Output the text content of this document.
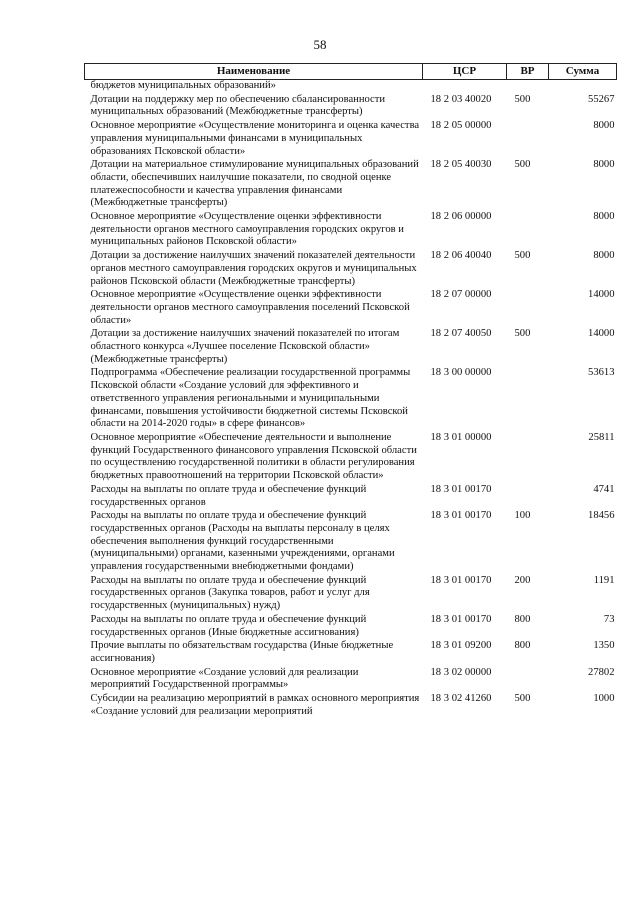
58
Наименование	ЦСР	ВР	Сумма
бюджетов муниципальных образований»			
Дотации на поддержку мер по обеспечению сбалансированности муниципальных образований (Межбюджетные трансферты)	18 2 03 40020	500	55267
Основное мероприятие «Осуществление мониторинга и оценка качества управления муниципальными финансами в муниципальных образованиях Псковской области»	18 2 05 00000		8000
Дотации на материальное стимулирование муниципальных образований области, обеспечивших наилучшие показатели, по сводной оценке платежеспособности и качества управления финансами (Межбюджетные трансферты)	18 2 05 40030	500	8000
Основное мероприятие «Осуществление оценки эффективности деятельности органов местного самоуправления городских округов и муниципальных районов Псковской области»	18 2 06 00000		8000
Дотации за достижение наилучших значений показателей деятельности органов местного самоуправления городских округов и муниципальных районов Псковской области (Межбюджетные трансферты)	18 2 06 40040	500	8000
Основное мероприятие «Осуществление оценки эффективности деятельности органов местного самоуправления поселений Псковской области»	18 2 07 00000		14000
Дотации за достижение наилучших значений показателей по итогам областного конкурса «Лучшее поселение Псковской области» (Межбюджетные трансферты)	18 2 07 40050	500	14000
Подпрограмма «Обеспечение реализации государственной программы Псковской области «Создание условий для эффективного и ответственного управления региональными и муниципальными финансами, повышения устойчивости бюджетной системы Псковской области на 2014-2020 годы» в сфере финансов»	18 3 00 00000		53613
Основное мероприятие «Обеспечение деятельности и выполнение функций Государственного финансового управления Псковской области по осуществлению государственной политики в области регулирования бюджетных правоотношений на территории Псковской области»	18 3 01 00000		25811
Расходы на выплаты по оплате труда и обеспечение функций государственных органов	18 3 01 00170		4741
Расходы на выплаты по оплате труда и обеспечение функций государственных органов (Расходы на выплаты персоналу в целях обеспечения выполнения функций государственными (муниципальными) органами, казенными учреждениями, органами управления государственными внебюджетными фондами)	18 3 01 00170	100	18456
Расходы на выплаты по оплате труда и обеспечение функций государственных органов (Закупка товаров, работ и услуг для государственных (муниципальных) нужд)	18 3 01 00170	200	1191
Расходы на выплаты по оплате труда и обеспечение функций государственных органов (Иные бюджетные ассигнования)	18 3 01 00170	800	73
Прочие выплаты по обязательствам государства (Иные бюджетные ассигнования)	18 3 01 09200	800	1350
Основное мероприятие «Создание условий для реализации мероприятий Государственной программы»	18 3 02 00000		27802
Субсидии на реализацию мероприятий в рамках основного мероприятия «Создание условий для реализации мероприятий	18 3 02 41260	500	1000
